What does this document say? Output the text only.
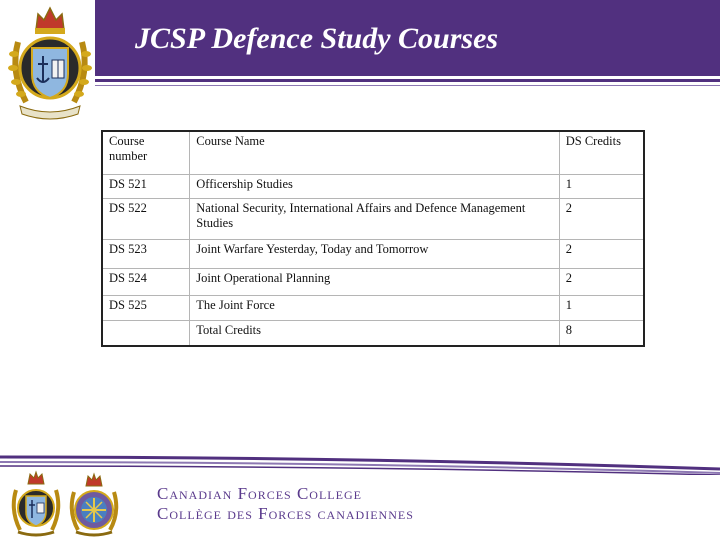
JCSP Defence Study Courses
Course number	Course Name	DS Credits
DS 521	Officership Studies	1
DS 522	National Security, International Affairs and Defence Management Studies	2
DS 523	Joint Warfare Yesterday, Today and Tomorrow	2
DS 524	Joint Operational Planning	2
DS 525	The Joint Force	1
	Total Credits	8
Canadian Forces College
Collège des Forces canadiennes
